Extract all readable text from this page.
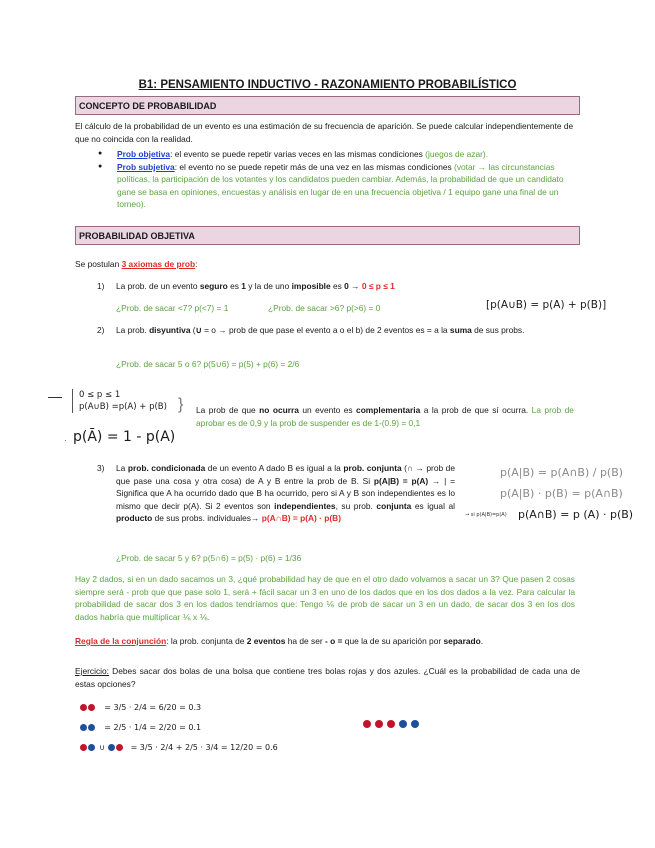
B1: PENSAMIENTO INDUCTIVO - RAZONAMIENTO PROBABILÍSTICO
CONCEPTO DE PROBABILIDAD
El cálculo de la probabilidad de un evento es una estimación de su frecuencia de aparición. Se puede calcular independientemente de que no coincida con la realidad.
● Prob objetiva: el evento se puede repetir varias veces en las mismas condiciones (juegos de azar).
● Prob subjetiva: el evento no se puede repetir más de una vez en las mismas condiciones (votar → las circunstancias políticas, la participación de los votantes y los candidatos pueden cambiar. Además, la probabilidad de que un candidato gane se basa en opiniones, encuestas y análisis en lugar de en una frecuencia objetiva / 1 equipo gane una final de un torneo).
PROBABILIDAD OBJETIVA
Se postulan 3 axiomas de prob:
1)	La prob. de un evento seguro es 1 y la de uno imposible es 0 → 0 ≤ p ≤ 1
¿Prob. de sacar <7? p(<7) = 1	¿Prob. de sacar >6? p(>6) = 0	[p(A∪B) = p(A) + p(B)]
2)	La prob. disyuntiva (∪ = o → prob de que pase el evento a o el b) de 2 eventos es = a la suma de sus probs.
¿Prob. de sacar 5 o 6? p(5∪6) = p(5) + p(6) = 2/6
0 ≤ p ≤ 1
p(A∪B) =p(A) + p(B) }
p(Ā) = 1 - p(A)
·
La prob de que no ocurra un evento es complementaria a la prob de que sí ocurra. La prob de aprobar es de 0,9 y la prob de suspender es de 1-(0.9) = 0,1
3)	La prob. condicionada de un evento A dado B es igual a la prob. conjunta (∩ → prob de que pase una cosa y otra cosa) de A y B entre la prob de B. Si p(A|B) = p(A) → | = Significa que A ha ocurrido dado que B ha ocurrido, pero si A y B son independientes es lo mismo que decir p(A). Si 2 eventos son independientes, su prob. conjunta es igual al producto de sus probs. individuales→ p(A∩B) = p(A) · p(B)
p(A|B) = p(A∩B) / p(B)
p(A|B) · p(B) = p(A∩B)
→ si p(A|B)=p(A) p(A∩B) = p (A) · p(B)
¿Prob. de sacar 5 y 6? p(5∩6) = p(5) · p(6) = 1/36
Hay 2 dados, si en un dado sacamos un 3, ¿qué probabilidad hay de que en el otro dado volvamos a sacar un 3? Que pasen 2 cosas siempre será - prob que que pase solo 1, será + fácil sacar un 3 en uno de los dados que en los dos dados a la vez. Para calcular la probabilidad de sacar dos 3 en los dados tendríamos que: Tengo ⅙ de prob de sacar un 3 en un dado, de sacar dos 3 en los dos dados habría que multiplicar ⅙ x ⅙.
Regla de la conjunción: la prob. conjunta de 2 eventos ha de ser - o = que la de su aparición por separado.
Ejercicio: Debes sacar dos bolas de una bolsa que contiene tres bolas rojas y dos azules. ¿Cuál es la probabilidad de cada una de estas opciones?
= 3/5 · 2/4 = 6/20 = 0.3
= 2/5 · 1/4 = 2/20 = 0.1
∪	= 3/5 · 2/4 + 2/5 · 3/4 = 12/20 = 0.6
